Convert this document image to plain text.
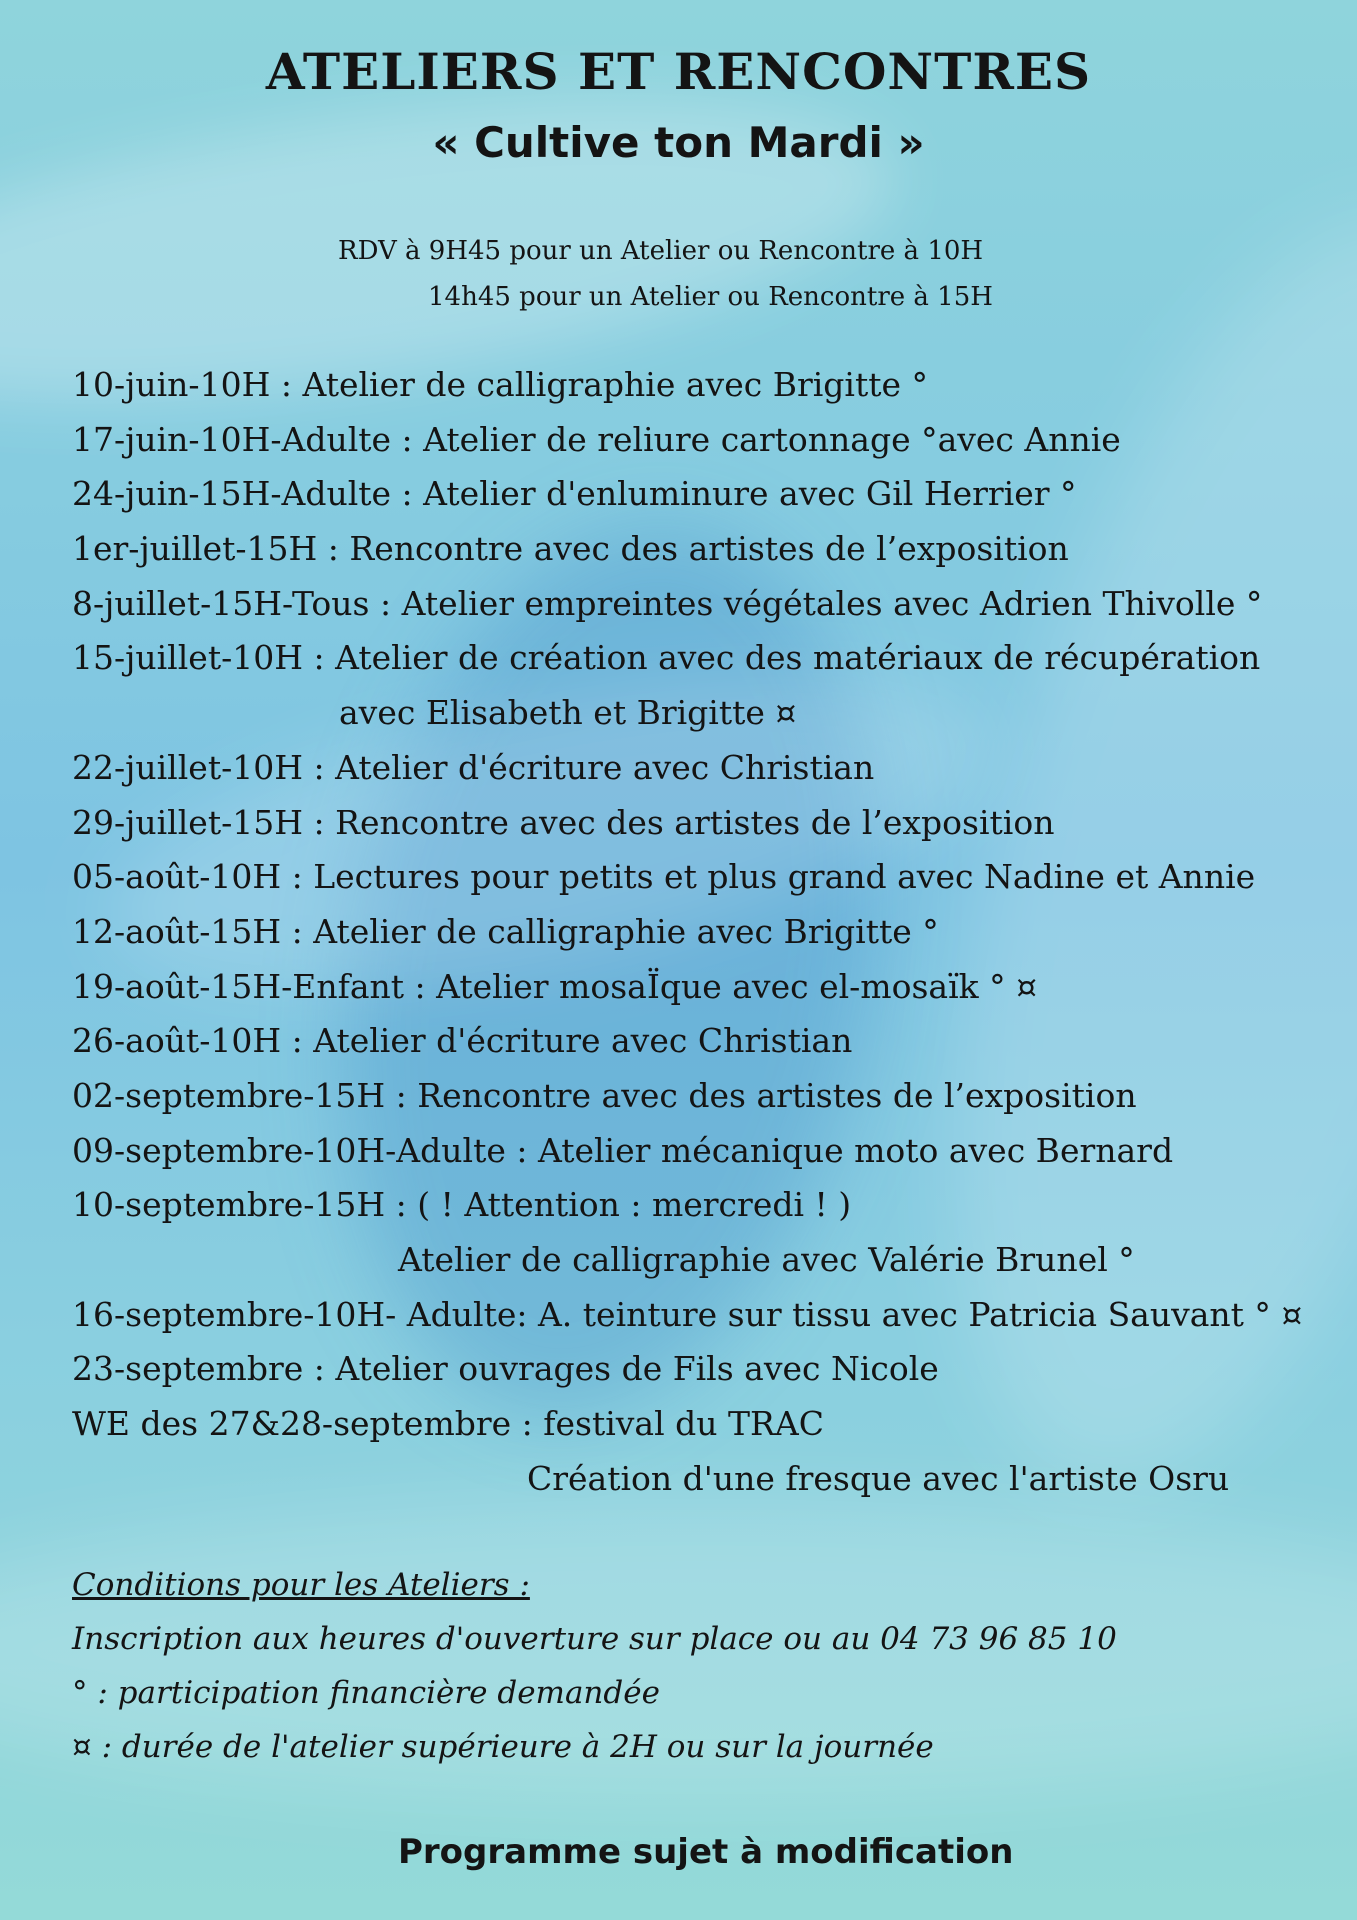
ATELIERS ET RENCONTRES
« Cultive ton Mardi »
RDV à 9H45 pour un Atelier ou Rencontre à 10H
14h45 pour un Atelier ou Rencontre à 15H
10-juin-10H : Atelier de calligraphie avec Brigitte °
17-juin-10H-Adulte : Atelier de reliure cartonnage °avec Annie
24-juin-15H-Adulte : Atelier d'enluminure avec Gil Herrier °
1er-juillet-15H : Rencontre avec des artistes de l’exposition
8-juillet-15H-Tous : Atelier empreintes végétales avec Adrien Thivolle °
15-juillet-10H : Atelier de création avec des matériaux de récupération
avec Elisabeth et Brigitte ¤
22-juillet-10H : Atelier d'écriture avec Christian
29-juillet-15H : Rencontre avec des artistes de l’exposition
05-août-10H : Lectures pour petits et plus grand avec Nadine et Annie
12-août-15H : Atelier de calligraphie avec Brigitte °
19-août-15H-Enfant : Atelier mosaÏque avec el-mosaïk ° ¤
26-août-10H : Atelier d'écriture avec Christian
02-septembre-15H : Rencontre avec des artistes de l’exposition
09-septembre-10H-Adulte : Atelier mécanique moto avec Bernard
10-septembre-15H : ( ! Attention : mercredi ! )
Atelier de calligraphie avec Valérie Brunel °
16-septembre-10H- Adulte: A. teinture sur tissu avec Patricia Sauvant ° ¤
23-septembre : Atelier ouvrages de Fils avec Nicole
WE des 27&28-septembre : festival du TRAC
Création d'une fresque avec l'artiste Osru
Conditions pour les Ateliers :
Inscription aux heures d'ouverture sur place ou au 04 73 96 85 10
° : participation financière demandée
¤ : durée de l'atelier supérieure à 2H ou sur la journée
Programme sujet à modification
